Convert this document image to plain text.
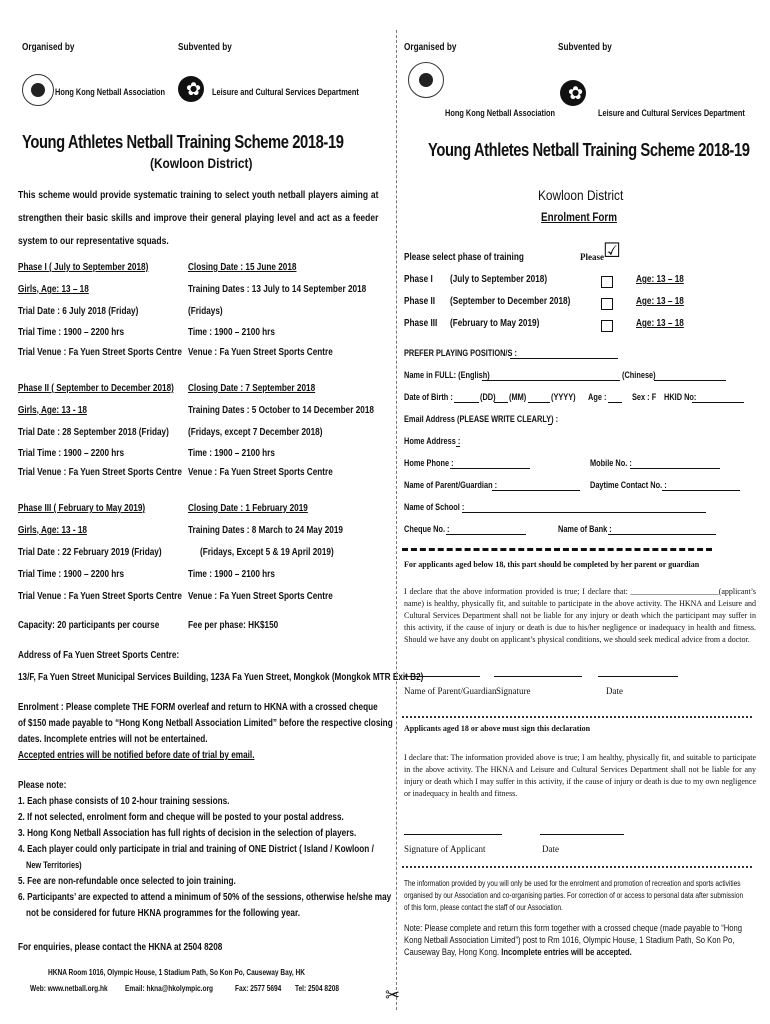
Organised by	Subvented by
Hong Kong Netball Association ✿ Leisure and Cultural Services Department
Young Athletes Netball Training Scheme 2018-19
(Kowloon District)
This scheme would provide systematic training to select youth netball players aiming at strengthen their basic skills and improve their general playing level and act as a feeder system to our representative squads.
Phase I ( July to September 2018)	Closing Date : 15 June 2018
Girls, Age: 13 – 18	Training Dates : 13 July to 14 September 2018
Trial Date : 6 July 2018 (Friday)	(Fridays)
Trial Time : 1900 – 2200 hrs	Time : 1900 – 2100 hrs
Trial Venue : Fa Yuen Street Sports Centre Venue : Fa Yuen Street Sports Centre
Phase II ( September to December 2018) Closing Date : 7 September 2018
Girls, Age: 13 - 18	Training Dates : 5 October to 14 December 2018
Trial Date : 28 September 2018 (Friday) (Fridays, except 7 December 2018)
Trial Time : 1900 – 2200 hrs	Time : 1900 – 2100 hrs
Trial Venue : Fa Yuen Street Sports Centre Venue : Fa Yuen Street Sports Centre
Phase III ( February to May 2019)	Closing Date : 1 February 2019
Girls, Age: 13 - 18	Training Dates : 8 March to 24 May 2019
Trial Date : 22 February 2019 (Friday)	(Fridays, Except 5 & 19 April 2019)
Trial Time : 1900 – 2200 hrs	Time : 1900 – 2100 hrs
Trial Venue : Fa Yuen Street Sports Centre Venue : Fa Yuen Street Sports Centre
Capacity: 20 participants per course	Fee per phase: HK$150
Address of Fa Yuen Street Sports Centre:
13/F, Fa Yuen Street Municipal Services Building, 123A Fa Yuen Street, Mongkok (Mongkok MTR Exit B2)
Enrolment : Please complete THE FORM overleaf and return to HKNA with a crossed cheque
of $150 made payable to “Hong Kong Netball Association Limited” before the respective closing
dates. Incomplete entries will not be entertained.
Accepted entries will be notified before date of trial by email.
Please note:
1. Each phase consists of 10 2-hour training sessions.
2. If not selected, enrolment form and cheque will be posted to your postal address.
3. Hong Kong Netball Association has full rights of decision in the selection of players.
4. Each player could only participate in trial and training of ONE District ( Island / Kowloon /
New Territories)
5. Fee are non-refundable once selected to join training.
6. Participants’ are expected to attend a minimum of 50% of the sessions, otherwise he/she may
not be considered for future HKNA programmes for the following year.
For enquiries, please contact the HKNA at 2504 8208
HKNA Room 1016, Olympic House, 1 Stadium Path, So Kon Po, Causeway Bay, HK
Web: www.netball.org.hk Email: hkna@hkolympic.org	Fax: 2577 5694 Tel: 2504 8208	✂
Organised by	Subvented by
Hong Kong Netball Association
✿
Leisure and Cultural Services Department
Young Athletes Netball Training Scheme 2018-19
Kowloon District
Enrolment Form
Please select phase of training	Please ☑
Phase I (July to September 2018)	Age: 13 – 18
Phase II (September to December 2018)	Age: 13 – 18
Phase III (February to May 2019)	Age: 13 – 18
PREFER PLAYING POSITION/S :
Name in FULL: (English)	(Chinese)
Date of Birth :	(DD) (MM)	(YYYY) Age :	Sex : F HKID No:
Email Address (PLEASE WRITE CLEARLY) :
Home Address :
Home Phone :	Mobile No. :
Name of Parent/Guardian :	Daytime Contact No. :
Name of School :
Cheque No. :	Name of Bank :
For applicants aged below 18, this part should be completed by her parent or guardian
I declare that the above information provided is true; I declare that: ______________________(applicant’s name) is healthy, physically fit, and suitable to participate in the above activity. The HKNA and Leisure and Cultural Services Department shall not be liable for any injury or death which the participant may suffer in this activity, if the cause of injury or death is due to his/her negligence or inadequacy in health and fitness. Should we have any doubt on applicant’s physical conditions, we should seek medical advice from a doctor.
Name of Parent/Guardian Signature	Date
Applicants aged 18 or above must sign this declaration
I declare that: The information provided above is true; I am healthy, physically fit, and suitable to participate in the above activity. The HKNA and Leisure and Cultural Services Department shall not be liable for any injury or death which I may suffer in this activity, if the cause of injury or death is due to my own negligence or inadequacy in health and fitness.
Signature of Applicant	Date
The information provided by you will only be used for the enrolment and promotion of recreation and sports activities organised by our Association and co-organising parties. For correction of or access to personal data after submission of this form, please contact the staff of our Association.
Note: Please complete and return this form together with a crossed cheque (made payable to “Hong Kong Netball Association Limited”) post to Rm 1016, Olympic House, 1 Stadium Path, So Kon Po, Causeway Bay, Hong Kong. Incomplete entries will be accepted.
